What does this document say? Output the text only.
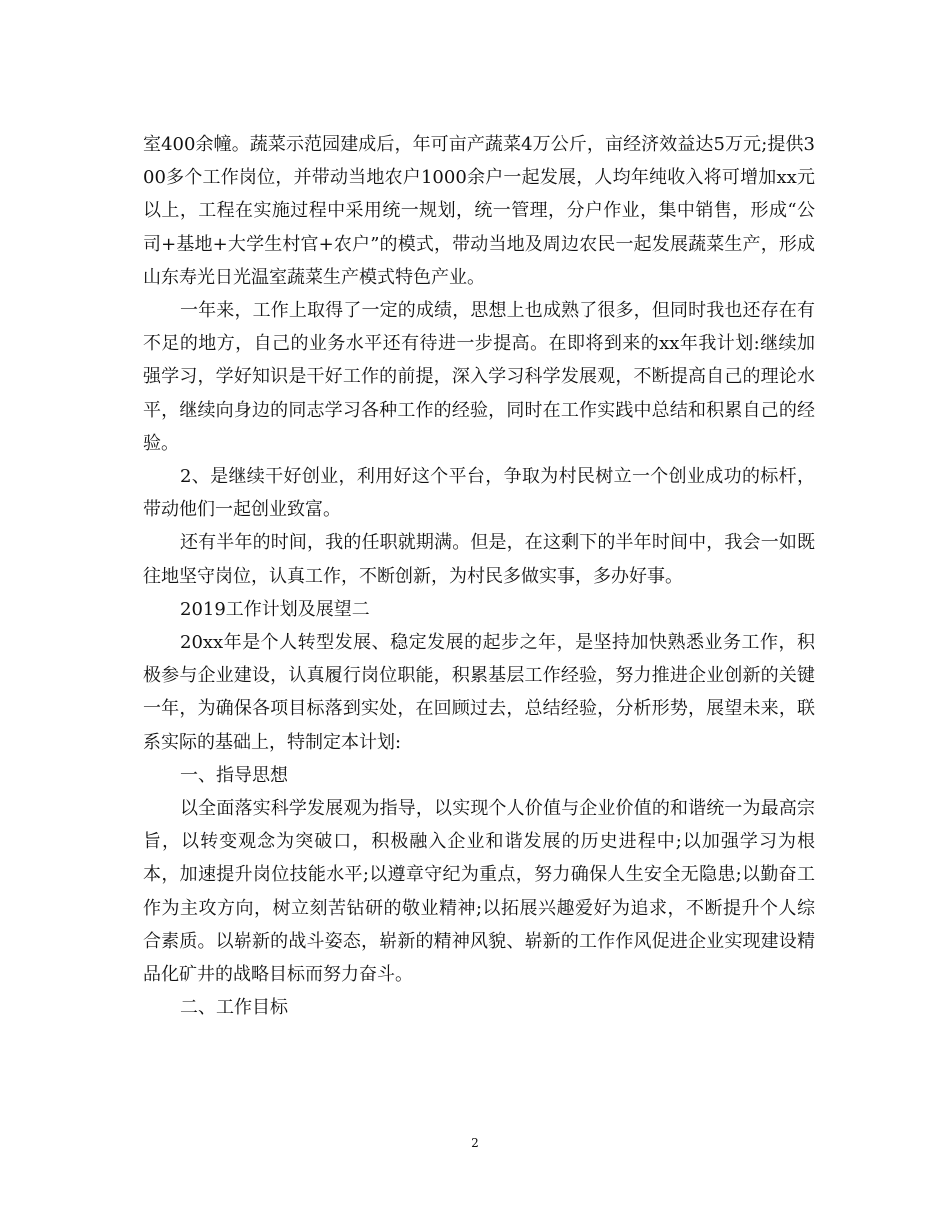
室400余幢。蔬菜示范园建成后，年可亩产蔬菜4万公斤，亩经济效益达5万元;提供300多个工作岗位，并带动当地农户1000余户一起发展，人均年纯收入将可增加xx元以上，工程在实施过程中采用统一规划，统一管理，分户作业，集中销售，形成“公司+基地+大学生村官+农户”的模式，带动当地及周边农民一起发展蔬菜生产，形成山东寿光日光温室蔬菜生产模式特色产业。

一年来，工作上取得了一定的成绩，思想上也成熟了很多，但同时我也还存在有不足的地方，自己的业务水平还有待进一步提高。在即将到来的xx年我计划:继续加强学习，学好知识是干好工作的前提，深入学习科学发展观，不断提高自己的理论水平，继续向身边的同志学习各种工作的经验，同时在工作实践中总结和积累自己的经验。

2、是继续干好创业，利用好这个平台，争取为村民树立一个创业成功的标杆，带动他们一起创业致富。

还有半年的时间，我的任职就期满。但是，在这剩下的半年时间中，我会一如既往地坚守岗位，认真工作，不断创新，为村民多做实事，多办好事。

2019工作计划及展望二

20xx年是个人转型发展、稳定发展的起步之年，是坚持加快熟悉业务工作，积极参与企业建设，认真履行岗位职能，积累基层工作经验，努力推进企业创新的关键一年，为确保各项目标落到实处，在回顾过去，总结经验，分析形势，展望未来，联系实际的基础上，特制定本计划:

一、指导思想

以全面落实科学发展观为指导，以实现个人价值与企业价值的和谐统一为最高宗旨，以转变观念为突破口，积极融入企业和谐发展的历史进程中;以加强学习为根本，加速提升岗位技能水平;以遵章守纪为重点，努力确保人生安全无隐患;以勤奋工作为主攻方向，树立刻苦钻研的敬业精神;以拓展兴趣爱好为追求，不断提升个人综合素质。以崭新的战斗姿态，崭新的精神风貌、崭新的工作作风促进企业实现建设精品化矿井的战略目标而努力奋斗。

二、工作目标

2
